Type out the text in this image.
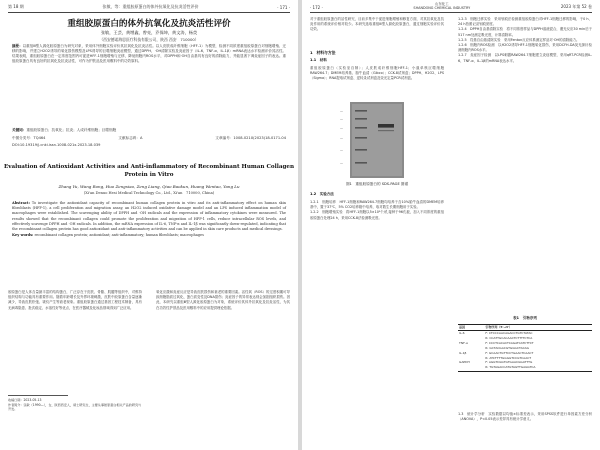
第 18 期	张敏，等：重组胶原蛋白的体外抗氧化及抗炎活性评价	· 171 ·
重组胶原蛋白的体外抗氧化及抗炎活性评价
张敏，王芸，黄增鑫，曾亮，乔保坤，黄文涛，杨荧
（西安德诺海思医疗科技有限公司，陕西 西安　710000）
摘要：以重组Ⅲ型人源化胶原蛋白为研究对象，采用体外细胞实验评价其抗氧化及抗炎活性。以人皮肤成纤维细胞（HFF-1）为模型，检测不同浓度重组胶原蛋白对细胞增殖、迁移的影响，并建立H2O2诱导的氧化损伤模型及LPS诱导的巨噬细胞炎症模型，通过DPPH、·OH清除实验及炎症因子（IL-6、TNF-α、IL-1β）mRNA表达水平检测评价其活性。结果表明，重组胶原蛋白在一定浓度范围内可促进HFF-1细胞增殖与迁移，降低细胞内ROS水平，对DPPH和·OH自由基具有良好的清除能力，并能显著下调炎症因子的表达。重组胶原蛋白具有良好的抗氧化及抗炎活性，可作为护肤品及医用敷料中的功效原料。
关键词：重组胶原蛋白；抗氧化；抗炎；人成纤维细胞；巨噬细胞
中图分类号：TQ464	文献标志码：A	文章编号：1008-021X(2023)18-0171-04
DOI:10.19319/j.cnki.issn.1008-021x.2023.18.039
Evaluation of Antioxidant Activities and Anti-inflammatory of Recombinant Human Collagen Protein in Vitro
Zhang Yu, Wang Rong, Huo Zengxiao, Zeng Liang, Qiao Baokun, Huang Wentao, Yang Lu
(Xi'an Denuo Hesi Medical Technology Co., Ltd., Xi'an　710000, China)
Abstract: To investigate the antioxidant capacity of recombinant human collagen protein in vitro and its anti-inflammatory effect on human skin fibroblasts (HFF-1), a cell proliferation and migration assay, an H2O2 induced oxidative damage model and an LPS induced inflammation model of macrophages were established. The scavenging ability of DPPH and ·OH radicals and the expression of inflammatory cytokines were measured. The results showed that the recombinant collagen could promote the proliferation and migration of HFF-1 cells, reduce intracellular ROS levels, and effectively scavenge DPPH and ·OH radicals. In addition, the mRNA expression of IL-6, TNF-α and IL-1β was significantly down-regulated, indicating that the recombinant collagen protein has good antioxidant and anti-inflammatory activities and can be applied in skin care products and medical dressings.
Key words: recombinant collagen protein; antioxidant; anti-inflammatory; human fibroblasts; macrophages
胶原蛋白是人体含量最丰富的结构蛋白，广泛存在于皮肤、骨骼、肌腱等组织中，对维持组织结构与功能具有重要作用。随着年龄增长及外界环境刺激，皮肤中胶原蛋白含量逐渐减少，导致皮肤松弛、皱纹产生等衰老现象。重组胶原蛋白通过基因工程技术制备，具有无病毒隐患、批次稳定、水溶性好等优点，在医疗器械及化妆品领域得到广泛应用。
氧化应激和炎症反应是导致皮肤损伤和衰老的重要因素。活性氧（ROS）的过度积累可导致细胞脂质过氧化、蛋白质变性及DNA损伤；炎症因子的异常表达则会加剧组织损伤。因此，本研究以重组Ⅲ型人源化胶原蛋白为对象，系统评价其体外抗氧化及抗炎活性，为其在功效性护肤品及医用敷料中的应用提供理论依据。
收稿日期：2023-05-13
作者简介：张敏（1990—），女，陕西西安人，硕士研究生，主要从事胶原蛋白相关产品的研究与开发。
· 172 ·
山东化工
SHANDONG CHEMICAL INDUSTRY	2023 年第 52 卷
对于重组胶原蛋白的活性研究，目前多集中于促进细胞增殖和修复方面，对其抗氧化及抗炎作用的系统评价相对较少。本研究选取重组Ⅲ型人源化胶原蛋白，通过细胞实验评价其功效。
1　材料与方法
1.1　材料
重组胶原蛋白（实验室自制）；人皮肤成纤维细胞HFF-1；小鼠单核巨噬细胞RAW264.7；DMEM培养基、胎牛血清（Gibco）；CCK-8试剂盒；DPPH、H2O2、LPS（Sigma）；RNA提取试剂盒、逆转录试剂盒及荧光定量PCR试剂盒。
—
—
—
—
—
—
图1　重组胶原蛋白的 SDS-PAGE 图谱
1.2　实验方法
1.2.1　细胞培养　HFF-1细胞和RAW264.7细胞均培养于含10%胎牛血清的DMEM培养基中，置于37℃、5% CO2培养箱中培养，取对数生长期细胞用于实验。
1.2.2　细胞增殖实验　将HFF-1细胞以5×10³个/孔接种于96孔板，加入不同浓度的重组胶原蛋白处理24 h，采用CCK-8法检测吸光度。
1.2.3　细胞迁移实验　采用划痕法检测重组胶原蛋白对HFF-1细胞迁移的影响，于0 h、24 h拍照记录划痕宽度。
1.2.4　DPPH自由基清除实验　将不同浓度样品与DPPH溶液混合，避光反应30 min后于517 nm处测定吸光度，计算清除率。
1.2.5　羟基自由基清除实验　采用Fenton反应体系测定样品对·OH的清除能力。
1.2.6　细胞内ROS检测　以H2O2诱导HFF-1细胞氧化损伤，采用DCFH-DA荧光探针检测细胞内ROS水平。
1.2.7　炎症因子检测　以LPS刺激RAW264.7细胞建立炎症模型，采用qRT-PCR检测IL-6、TNF-α、IL-1β的mRNA表达水平。
表1　引物序列
基因	引物序列（5'→3'）
IL-6	F: CTCCCAACAGACCTGTCTATAC
	R: CCATTGCACAACTCTTTTCTCA
TNF-α	F: CCCTCACACTCAGATCATCTTCT
	R: GCTACGACGTGGGCTACAG
IL-1β	F: GCAACTGTTCCTGAACTCAACT
	R: ATCTTTTGGGGTCCGTCAACT
GAPDH	F: AGGTCGGTGTGAACGGATTTG
	R: TGTAGACCATGTAGTTGAGGTCA
1.3　统计学分析　实验数据以均值±标准差表示，采用SPSS软件进行单因素方差分析（ANOVA），P<0.05表示差异具有统计学意义。
